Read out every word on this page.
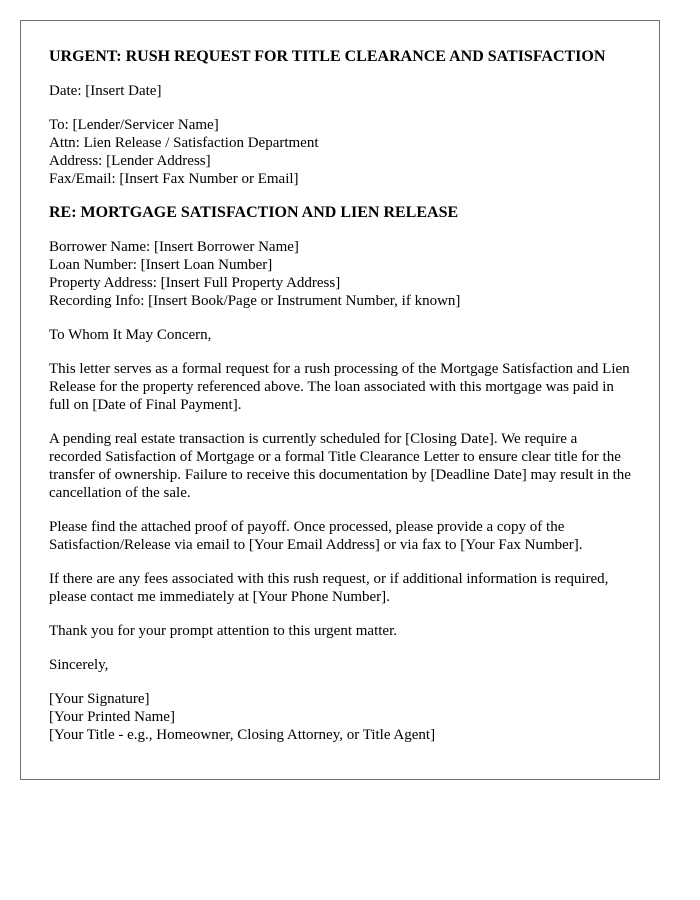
URGENT: RUSH REQUEST FOR TITLE CLEARANCE AND SATISFACTION
Date: [Insert Date]
To: [Lender/Servicer Name]
Attn: Lien Release / Satisfaction Department
Address: [Lender Address]
Fax/Email: [Insert Fax Number or Email]
RE: MORTGAGE SATISFACTION AND LIEN RELEASE
Borrower Name: [Insert Borrower Name]
Loan Number: [Insert Loan Number]
Property Address: [Insert Full Property Address]
Recording Info: [Insert Book/Page or Instrument Number, if known]
To Whom It May Concern,
This letter serves as a formal request for a rush processing of the Mortgage Satisfaction and Lien Release for the property referenced above. The loan associated with this mortgage was paid in full on [Date of Final Payment].
A pending real estate transaction is currently scheduled for [Closing Date]. We require a recorded Satisfaction of Mortgage or a formal Title Clearance Letter to ensure clear title for the transfer of ownership. Failure to receive this documentation by [Deadline Date] may result in the cancellation of the sale.
Please find the attached proof of payoff. Once processed, please provide a copy of the Satisfaction/Release via email to [Your Email Address] or via fax to [Your Fax Number].
If there are any fees associated with this rush request, or if additional information is required, please contact me immediately at [Your Phone Number].
Thank you for your prompt attention to this urgent matter.
Sincerely,
[Your Signature]
[Your Printed Name]
[Your Title - e.g., Homeowner, Closing Attorney, or Title Agent]
